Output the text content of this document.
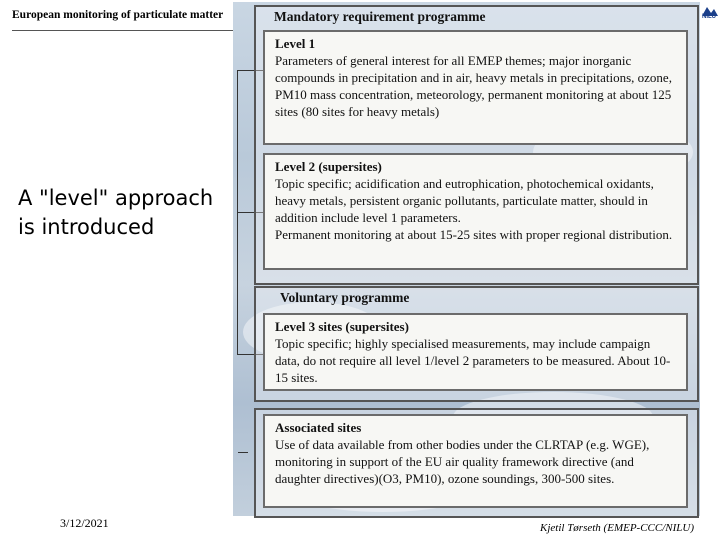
European monitoring of particulate matter	NILU
A "level" approach is introduced
Mandatory requirement programme
Level 1
Parameters of general interest for all EMEP themes; major inorganic compounds in precipitation and in air, heavy metals in precipitations, ozone, PM10 mass concentration, meteorology, permanent monitoring at about 125 sites (80 sites for heavy metals)
Level 2 (supersites)
Topic specific; acidification and eutrophication, photochemical oxidants, heavy metals, persistent organic pollutants, particulate matter, should in addition include level 1 parameters.
Permanent monitoring at about 15-25 sites with proper regional distribution.
Voluntary programme
Level 3 sites (supersites)
Topic specific; highly specialised measurements, may include campaign data, do not require all level 1/level 2 parameters to be measured. About 10-15 sites.
Associated sites
Use of data available from other bodies under the CLRTAP (e.g. WGE), monitoring in support of the EU air quality framework directive (and daughter directives)(O3, PM10), ozone soundings, 300-500 sites.
3/12/2021	Kjetil Tørseth (EMEP-CCC/NILU)
